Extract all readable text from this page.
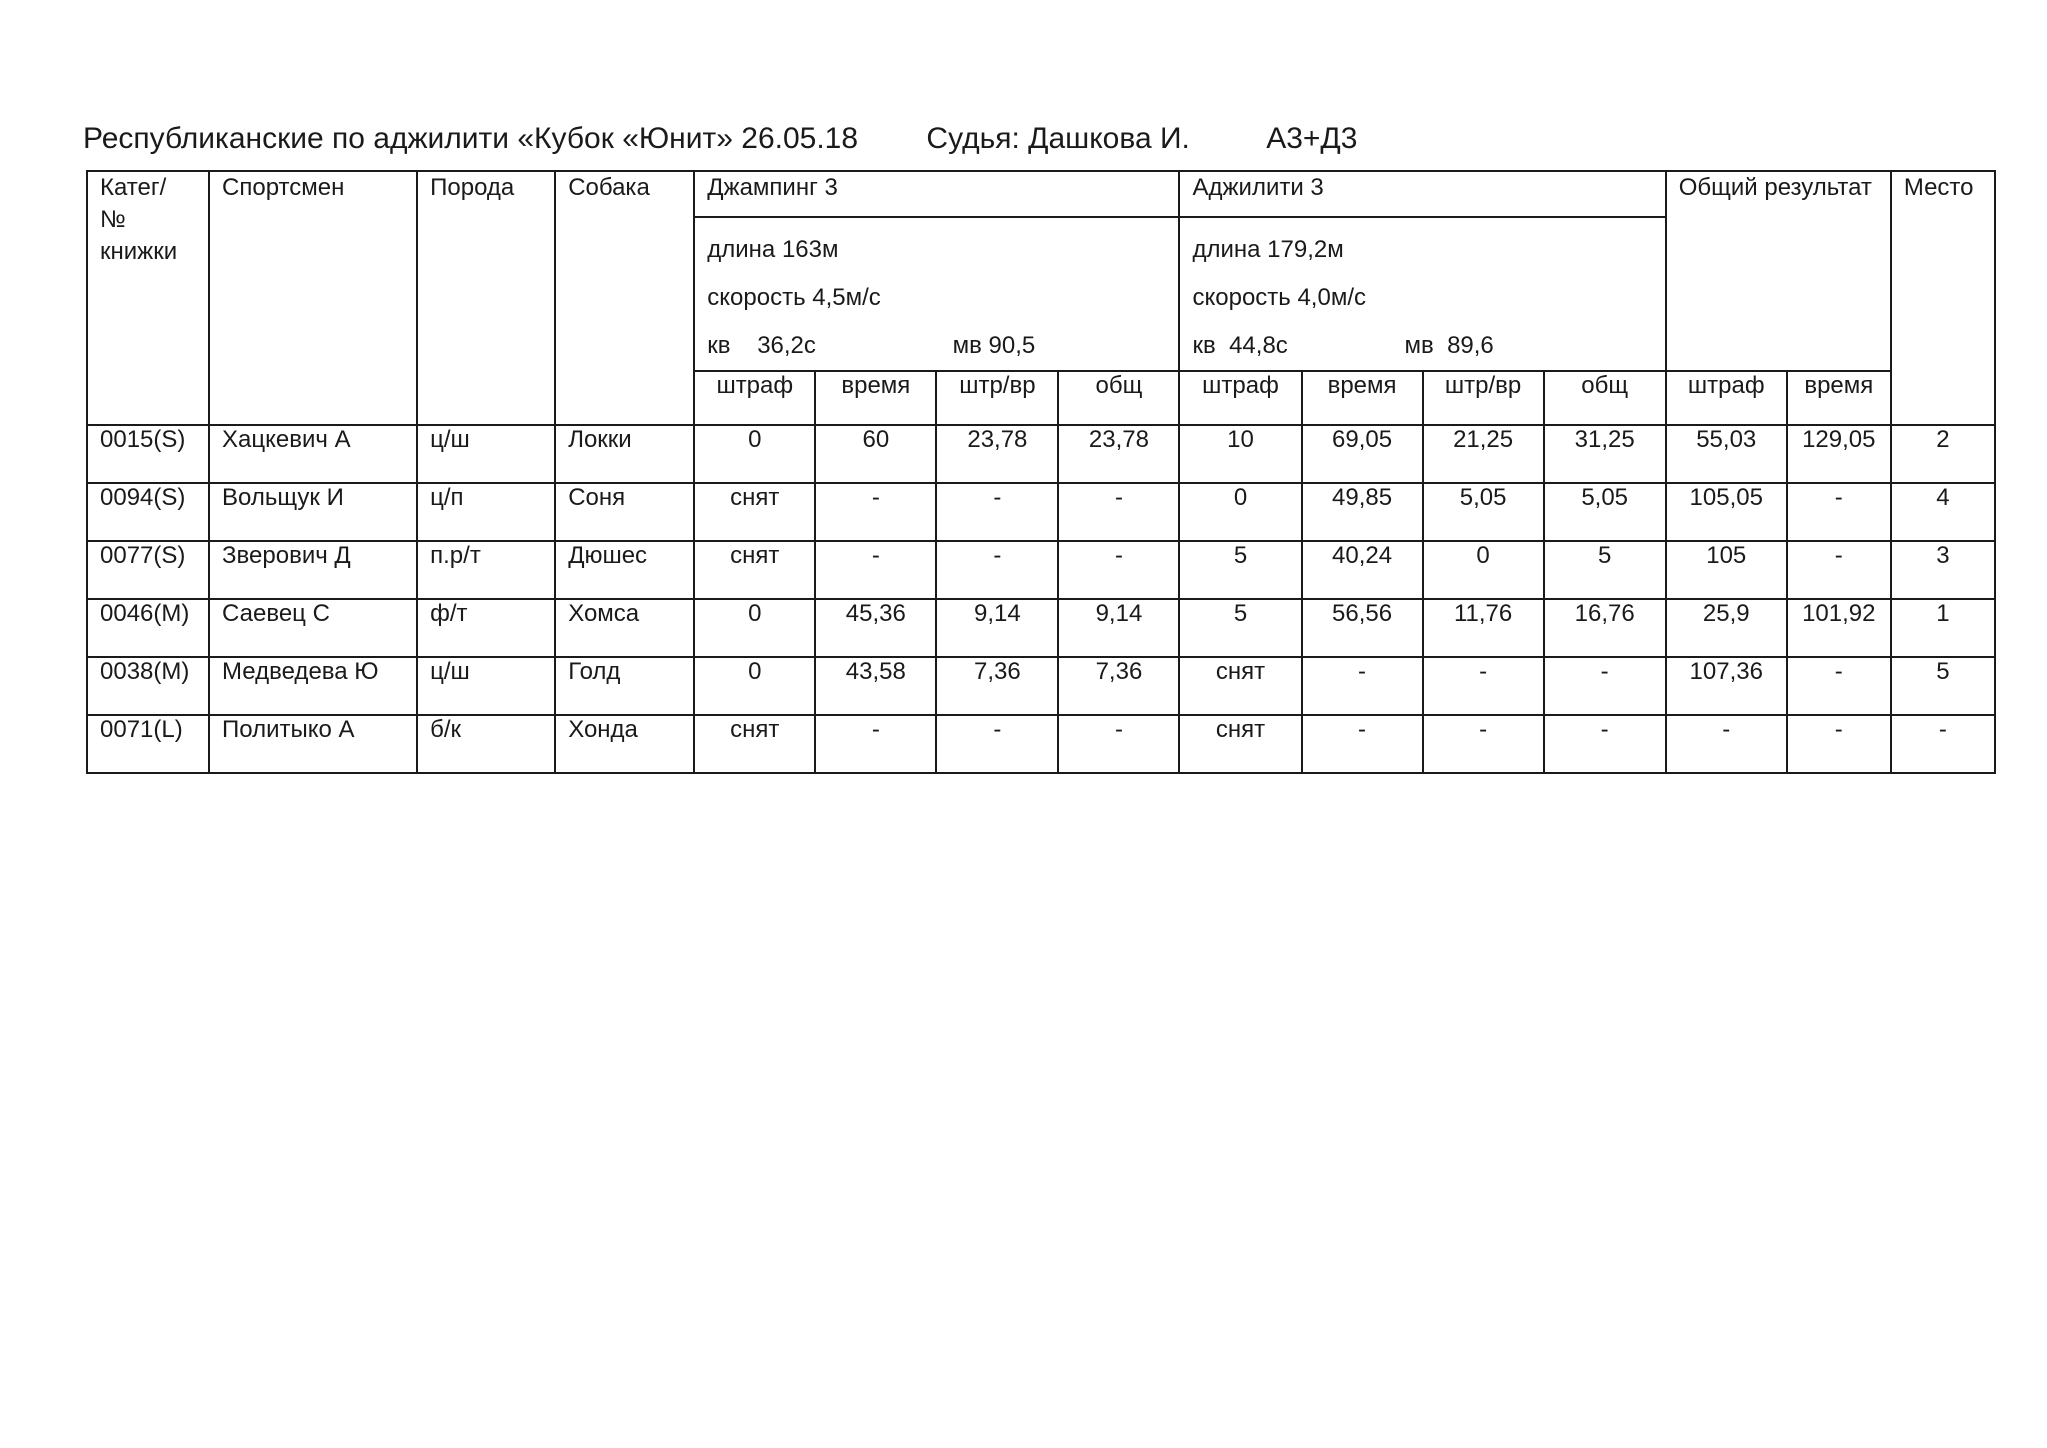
Республиканские по аджилити «Кубок «Юнит» 26.05.18 Судья: Дашкова И.	А3+Д3
Катег/ № книжки	Спортсмен	Порода	Собака	Джампинг 3				Аджилити 3				Общий результат		Место
				длина 163м				длина 179,2м						
				скорость 4,5м/с				скорость 4,0м/с						
				кв 36,2с мв 90,5				кв 44,8с мв 89,6						
				штраф	время	штр/вр	общ	штраф	время	штр/вр	общ	штраф	время	
0015(S)	Хацкевич А	ц/ш	Локки	0	60	23,78	23,78	10	69,05	21,25	31,25	55,03	129,05	2
0094(S)	Вольщук И	ц/п	Соня	снят	-	-	-	0	49,85	5,05	5,05	105,05	-	4
0077(S)	Зверович Д	п.р/т	Дюшес	снят	-	-	-	5	40,24	0	5	105	-	3
0046(M)	Саевец С	ф/т	Хомса	0	45,36	9,14	9,14	5	56,56	11,76	16,76	25,9	101,92	1
0038(M)	Медведева Ю	ц/ш	Голд	0	43,58	7,36	7,36	снят	-	-	-	107,36	-	5
0071(L)	Политыко А	б/к	Хонда	снят	-	-	-	снят	-	-	-	-	-	-
